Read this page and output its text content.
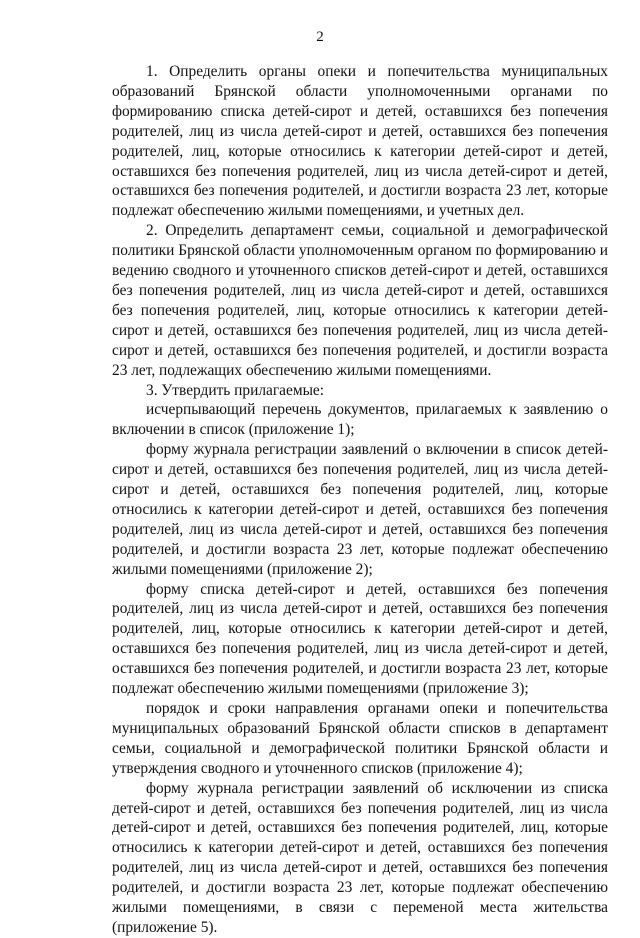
2

1. Определить органы опеки и попечительства муниципальных образований Брянской области уполномоченными органами по формированию списка детей-сирот и детей, оставшихся без попечения родителей, лиц из числа детей-сирот и детей, оставшихся без попечения родителей, лиц, которые относились к категории детей-сирот и детей, оставшихся без попечения родителей, лиц из числа детей-сирот и детей, оставшихся без попечения родителей, и достигли возраста 23 лет, которые подлежат обеспечению жилыми помещениями, и учетных дел.

2. Определить департамент семьи, социальной и демографической политики Брянской области уполномоченным органом по формированию и ведению сводного и уточненного списков детей-сирот и детей, оставшихся без попечения родителей, лиц из числа детей-сирот и детей, оставшихся без попечения родителей, лиц, которые относились к категории детей-сирот и детей, оставшихся без попечения родителей, лиц из числа детей-сирот и детей, оставшихся без попечения родителей, и достигли возраста 23 лет, подлежащих обеспечению жилыми помещениями.

3. Утвердить прилагаемые:

исчерпывающий перечень документов, прилагаемых к заявлению о включении в список (приложение 1);

форму журнала регистрации заявлений о включении в список детей-сирот и детей, оставшихся без попечения родителей, лиц из числа детей-сирот и детей, оставшихся без попечения родителей, лиц, которые относились к категории детей-сирот и детей, оставшихся без попечения родителей, лиц из числа детей-сирот и детей, оставшихся без попечения родителей, и достигли возраста 23 лет, которые подлежат обеспечению жилыми помещениями (приложение 2);

форму списка детей-сирот и детей, оставшихся без попечения родителей, лиц из числа детей-сирот и детей, оставшихся без попечения родителей, лиц, которые относились к категории детей-сирот и детей, оставшихся без попечения родителей, лиц из числа детей-сирот и детей, оставшихся без попечения родителей, и достигли возраста 23 лет, которые подлежат обеспечению жилыми помещениями (приложение 3);

порядок и сроки направления органами опеки и попечительства муниципальных образований Брянской области списков в департамент семьи, социальной и демографической политики Брянской области и утверждения сводного и уточненного списков (приложение 4);

форму журнала регистрации заявлений об исключении из списка детей-сирот и детей, оставшихся без попечения родителей, лиц из числа детей-сирот и детей, оставшихся без попечения родителей, лиц, которые относились к категории детей-сирот и детей, оставшихся без попечения родителей, лиц из числа детей-сирот и детей, оставшихся без попечения родителей, и достигли возраста 23 лет, которые подлежат обеспечению жилыми помещениями, в связи с переменой места жительства (приложение 5).
